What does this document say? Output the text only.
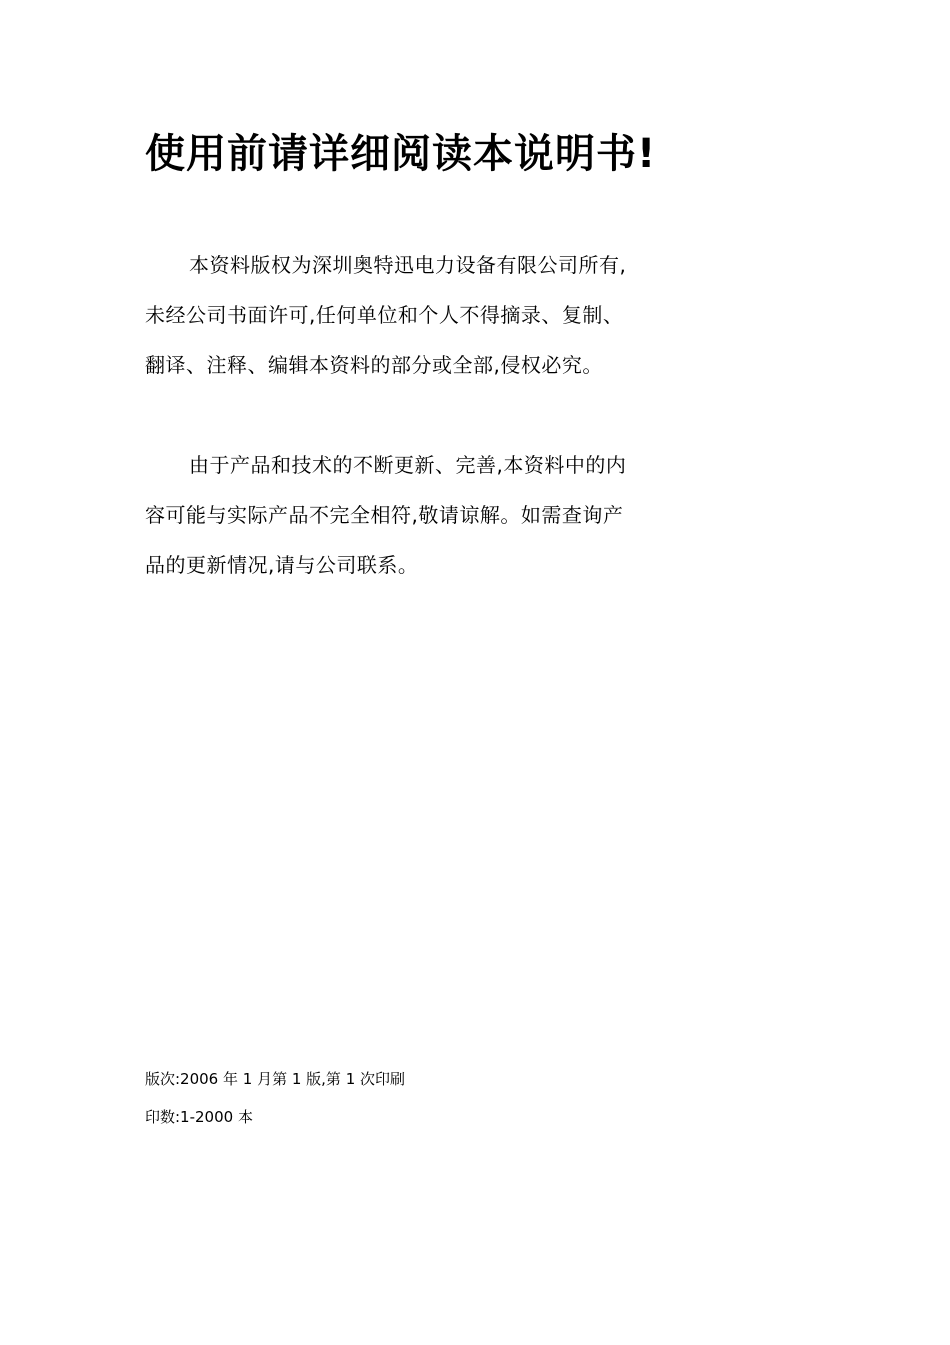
使用前请详细阅读本说明书!
本资料版权为深圳奥特迅电力设备有限公司所有,
未经公司书面许可,任何单位和个人不得摘录、复制、
翻译、注释、编辑本资料的部分或全部,侵权必究。
由于产品和技术的不断更新、完善,本资料中的内
容可能与实际产品不完全相符,敬请谅解。如需查询产
品的更新情况,请与公司联系。

版次:2006 年 1 月第 1 版,第 1 次印刷

印数:1-2000 本
